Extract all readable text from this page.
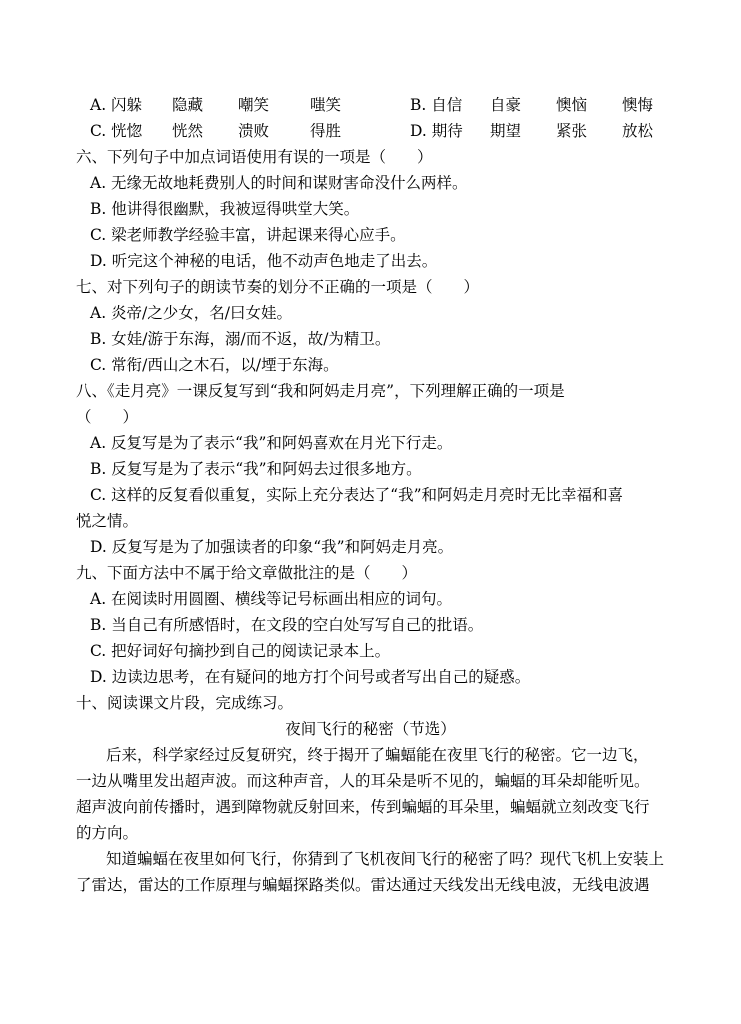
A. 闪躲	隐藏	嘲笑	嗤笑	B. 自信	自豪	懊恼	懊悔
C. 恍惚	恍然	溃败	得胜	D. 期待	期望	紧张	放松
六、下列句子中加点词语使用有误的一项是（　　）
A. 无缘无故地耗费别人的时间和谋财害命没什么两样。
B. 他讲得很幽默，我被逗得哄堂大笑。
C. 梁老师教学经验丰富，讲起课来得心应手。
D. 听完这个神秘的电话，他不动声色地走了出去。
七、对下列句子的朗读节奏的划分不正确的一项是（　　）
A. 炎帝/之少女，名/曰女娃。
B. 女娃/游于东海，溺/而不返，故/为精卫。
C. 常衔/西山之木石，以/堙于东海。
八、《走月亮》一课反复写到“我和阿妈走月亮”，下列理解正确的一项是
（　　）
A. 反复写是为了表示“我”和阿妈喜欢在月光下行走。
B. 反复写是为了表示“我”和阿妈去过很多地方。
C. 这样的反复看似重复，实际上充分表达了“我”和阿妈走月亮时无比幸福和喜
悦之情。
D. 反复写是为了加强读者的印象“我”和阿妈走月亮。
九、下面方法中不属于给文章做批注的是（　　）
A. 在阅读时用圆圈、横线等记号标画出相应的词句。
B. 当自己有所感悟时，在文段的空白处写写自己的批语。
C. 把好词好句摘抄到自己的阅读记录本上。
D. 边读边思考，在有疑问的地方打个问号或者写出自己的疑惑。
十、阅读课文片段，完成练习。
夜间飞行的秘密（节选）
后来，科学家经过反复研究，终于揭开了蝙蝠能在夜里飞行的秘密。它一边飞，
一边从嘴里发出超声波。而这种声音，人的耳朵是听不见的，蝙蝠的耳朵却能听见。
超声波向前传播时，遇到障物就反射回来，传到蝙蝠的耳朵里，蝙蝠就立刻改变飞行
的方向。
知道蝙蝠在夜里如何飞行，你猜到了飞机夜间飞行的秘密了吗？现代飞机上安装上
了雷达，雷达的工作原理与蝙蝠探路类似。雷达通过天线发出无线电波，无线电波遇
